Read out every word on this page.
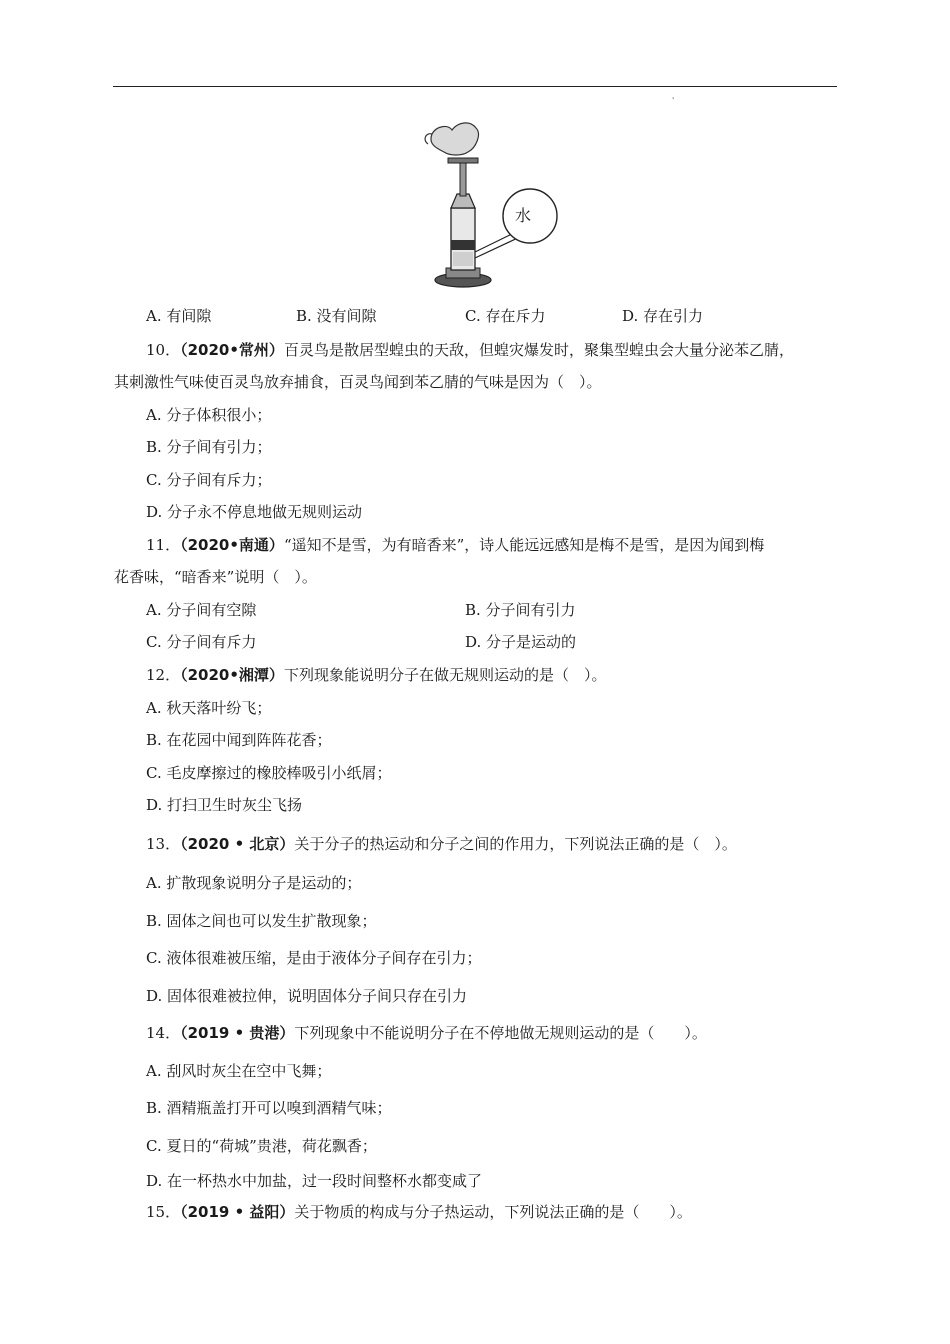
'
水
A. 有间隙	B. 没有间隙	C. 存在斥力	D. 存在引力
10．（2020•常州）百灵鸟是散居型蝗虫的天敌，但蝗灾爆发时，聚集型蝗虫会大量分泌苯乙腈，
其刺激性气味使百灵鸟放弃捕食，百灵鸟闻到苯乙腈的气味是因为（　）。
A. 分子体积很小；
B. 分子间有引力；
C. 分子间有斥力；
D. 分子永不停息地做无规则运动
11．（2020•南通）“遥知不是雪，为有暗香来”，诗人能远远感知是梅不是雪，是因为闻到梅
花香味，“暗香来”说明（　）。
A. 分子间有空隙	B. 分子间有引力
C. 分子间有斥力	D. 分子是运动的
12．（2020•湘潭）下列现象能说明分子在做无规则运动的是（　）。
A. 秋天落叶纷飞；
B. 在花园中闻到阵阵花香；
C. 毛皮摩擦过的橡胶棒吸引小纸屑；
D. 打扫卫生时灰尘飞扬
13．（2020 • 北京）关于分子的热运动和分子之间的作用力，下列说法正确的是（　）。
A. 扩散现象说明分子是运动的；
B. 固体之间也可以发生扩散现象；
C. 液体很难被压缩，是由于液体分子间存在引力；
D. 固体很难被拉伸，说明固体分子间只存在引力
14．（2019 • 贵港）下列现象中不能说明分子在不停地做无规则运动的是（　　）。
A. 刮风时灰尘在空中飞舞；
B. 酒精瓶盖打开可以嗅到酒精气味；
C. 夏日的“荷城”贵港，荷花飘香；
D. 在一杯热水中加盐，过一段时间整杯水都变咸了
15．（2019 • 益阳）关于物质的构成与分子热运动，下列说法正确的是（　　）。
